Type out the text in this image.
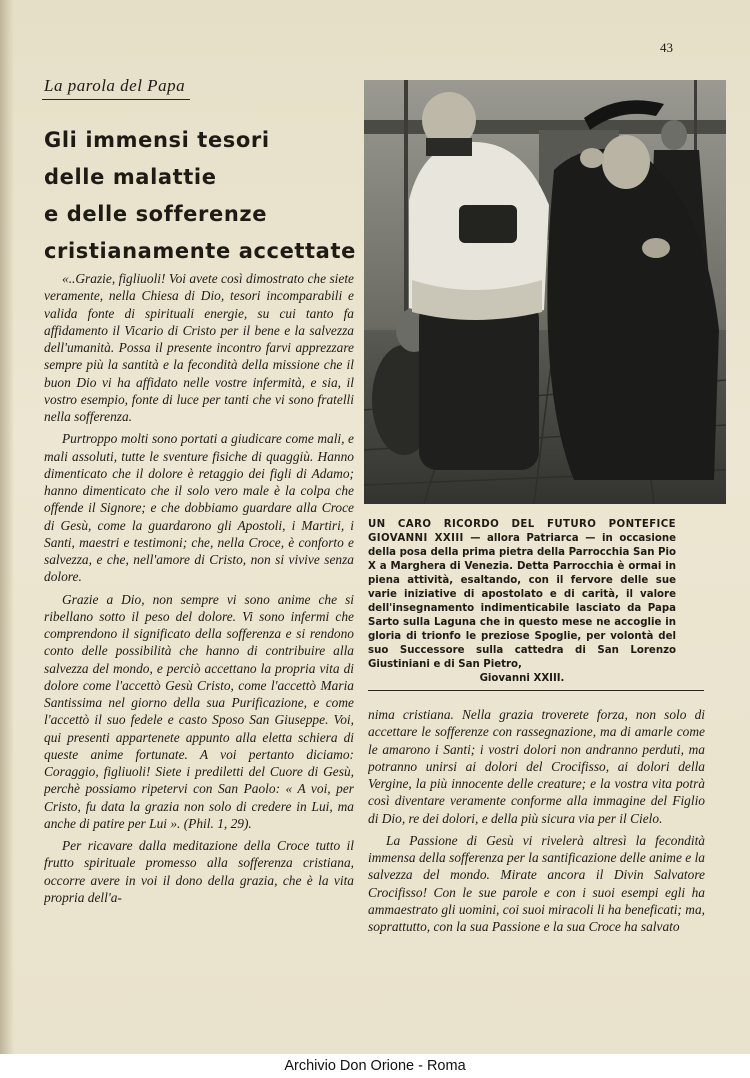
43
La parola del Papa
Gli immensi tesori
delle malattie
e delle sofferenze
cristianamente accettate

«..Grazie, figliuoli! Voi avete così dimostrato che siete veramente, nella Chiesa di Dio, tesori incomparabili e valida fonte di spirituali energie, su cui tanto fa affidamento il Vicario di Cristo per il bene e la salvezza dell'umanità. Possa il presente incontro farvi apprezzare sempre più la santità e la fecondità della missione che il buon Dio vi ha affidato nelle vostre infermità, e sia, il vostro esempio, fonte di luce per tanti che vi sono fratelli nella sofferenza.

Purtroppo molti sono portati a giudicare come mali, e mali assoluti, tutte le sventure fisiche di quaggiù. Hanno dimenticato che il dolore è retaggio dei figli di Adamo; hanno dimenticato che il solo vero male è la colpa che offende il Signore; e che dobbiamo guardare alla Croce di Gesù, come la guardarono gli Apostoli, i Martiri, i Santi, maestri e testimoni; che, nella Croce, è conforto e salvezza, e che, nell'amore di Cristo, non si vivive senza dolore.

Grazie a Dio, non sempre vi sono anime che si ribellano sotto il peso del dolore. Vi sono infermi che comprendono il significato della sofferenza e si rendono conto delle possibilità che hanno di contribuire alla salvezza del mondo, e perciò accettano la propria vita di dolore come l'accettò Gesù Cristo, come l'accettò Maria Santissima nel giorno della sua Purificazione, e come l'accettò il suo fedele e casto Sposo San Giuseppe. Voi, qui presenti appartenete appunto alla eletta schiera di queste anime fortunate. A voi pertanto diciamo: Coraggio, figliuoli! Siete i prediletti del Cuore di Gesù, perchè possiamo ripetervi con San Paolo: « A voi, per Cristo, fu data la grazia non solo di credere in Lui, ma anche di patire per Lui ». (Phil. 1, 29).

Per ricavare dalla meditazione della Croce tutto il frutto spirituale promesso alla sofferenza cristiana, occorre avere in voi il dono della grazia, che è la vita propria dell'a-

UN CARO RICORDO DEL FUTURO PONTEFICE GIOVANNI XXIII — allora Patriarca — in occasione della posa della prima pietra della Parrocchia San Pio X a Marghera di Venezia. Detta Parrocchia è ormai in piena attività, esaltando, con il fervore delle sue varie iniziative di apostolato e di carità, il valore dell'insegnamento indimenticabile lasciato da Papa Sarto sulla Laguna che in questo mese ne accoglie in gloria di trionfo le preziose Spoglie, per volontà del suo Successore sulla cattedra di San Lorenzo Giustiniani e di San Pietro,
Giovanni XXIII.

nima cristiana. Nella grazia troverete forza, non solo di accettare le sofferenze con rassegnazione, ma di amarle come le amarono i Santi; i vostri dolori non andranno perduti, ma potranno unirsi ai dolori del Crocifisso, ai dolori della Vergine, la più innocente delle creature; e la vostra vita potrà così diventare veramente conforme alla immagine del Figlio di Dio, re dei dolori, e della più sicura via per il Cielo.

La Passione di Gesù vi rivelerà altresì la fecondità immensa della sofferenza per la santificazione delle anime e la salvezza del mondo. Mirate ancora il Divin Salvatore Crocifisso! Con le sue parole e con i suoi esempi egli ha ammaestrato gli uomini, coi suoi miracoli li ha beneficati; ma, soprattutto, con la sua Passione e la sua Croce ha salvato

Archivio Don Orione - Roma
